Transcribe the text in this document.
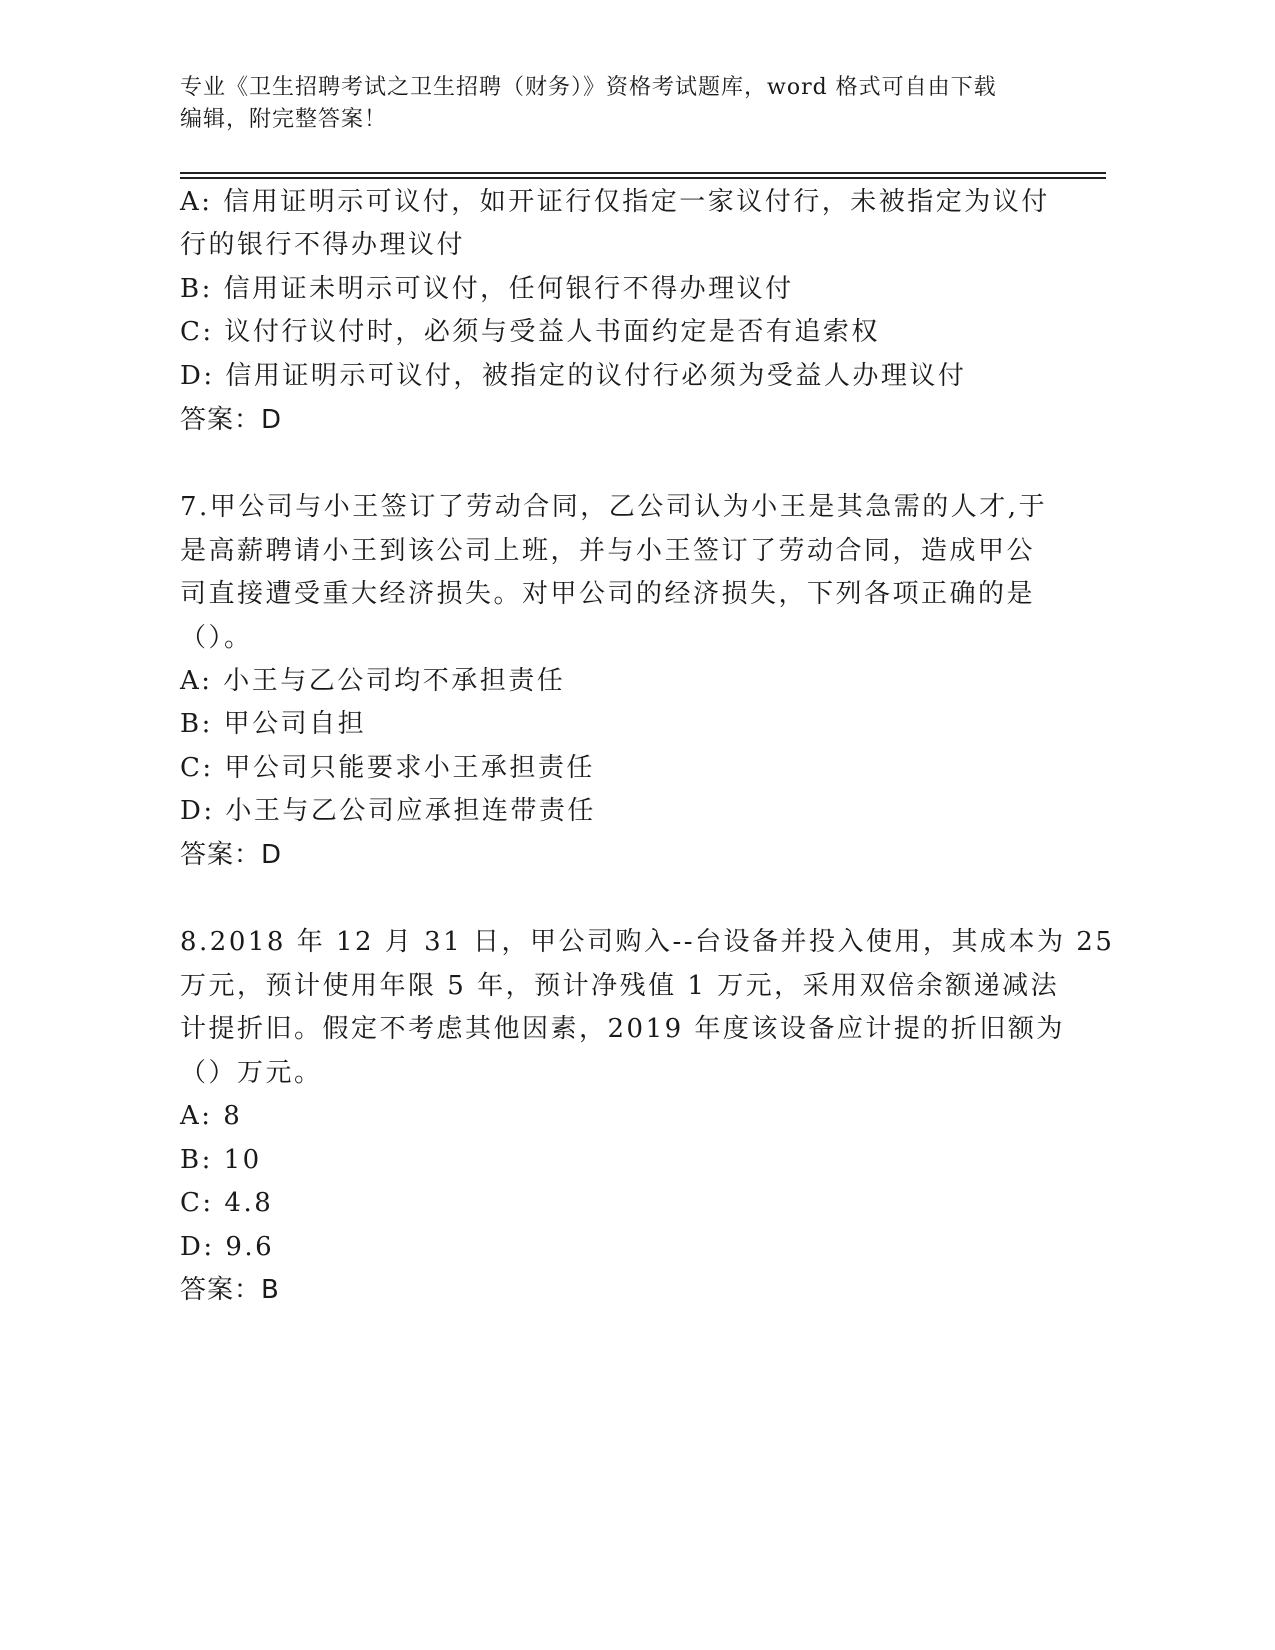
专业《卫生招聘考试之卫生招聘（财务）》资格考试题库，word 格式可自由下载
编辑，附完整答案！
A: 信用证明示可议付，如开证行仅指定一家议付行，未被指定为议付
行的银行不得办理议付
B: 信用证未明示可议付，任何银行不得办理议付
C: 议付行议付时，必须与受益人书面约定是否有追索权
D: 信用证明示可议付，被指定的议付行必须为受益人办理议付
答案：D
7.甲公司与小王签订了劳动合同，乙公司认为小王是其急需的人才,于
是高薪聘请小王到该公司上班，并与小王签订了劳动合同，造成甲公
司直接遭受重大经济损失。对甲公司的经济损失，下列各项正确的是
（）。
A: 小王与乙公司均不承担责任
B: 甲公司自担
C: 甲公司只能要求小王承担责任
D: 小王与乙公司应承担连带责任
答案：D
8.2018 年 12 月 31 日，甲公司购入--台设备并投入使用，其成本为 25
万元，预计使用年限 5 年，预计净残值 1 万元，采用双倍余额递减法
计提折旧。假定不考虑其他因素，2019 年度该设备应计提的折旧额为
（）万元。
A: 8
B: 10
C: 4.8
D: 9.6
答案：B
